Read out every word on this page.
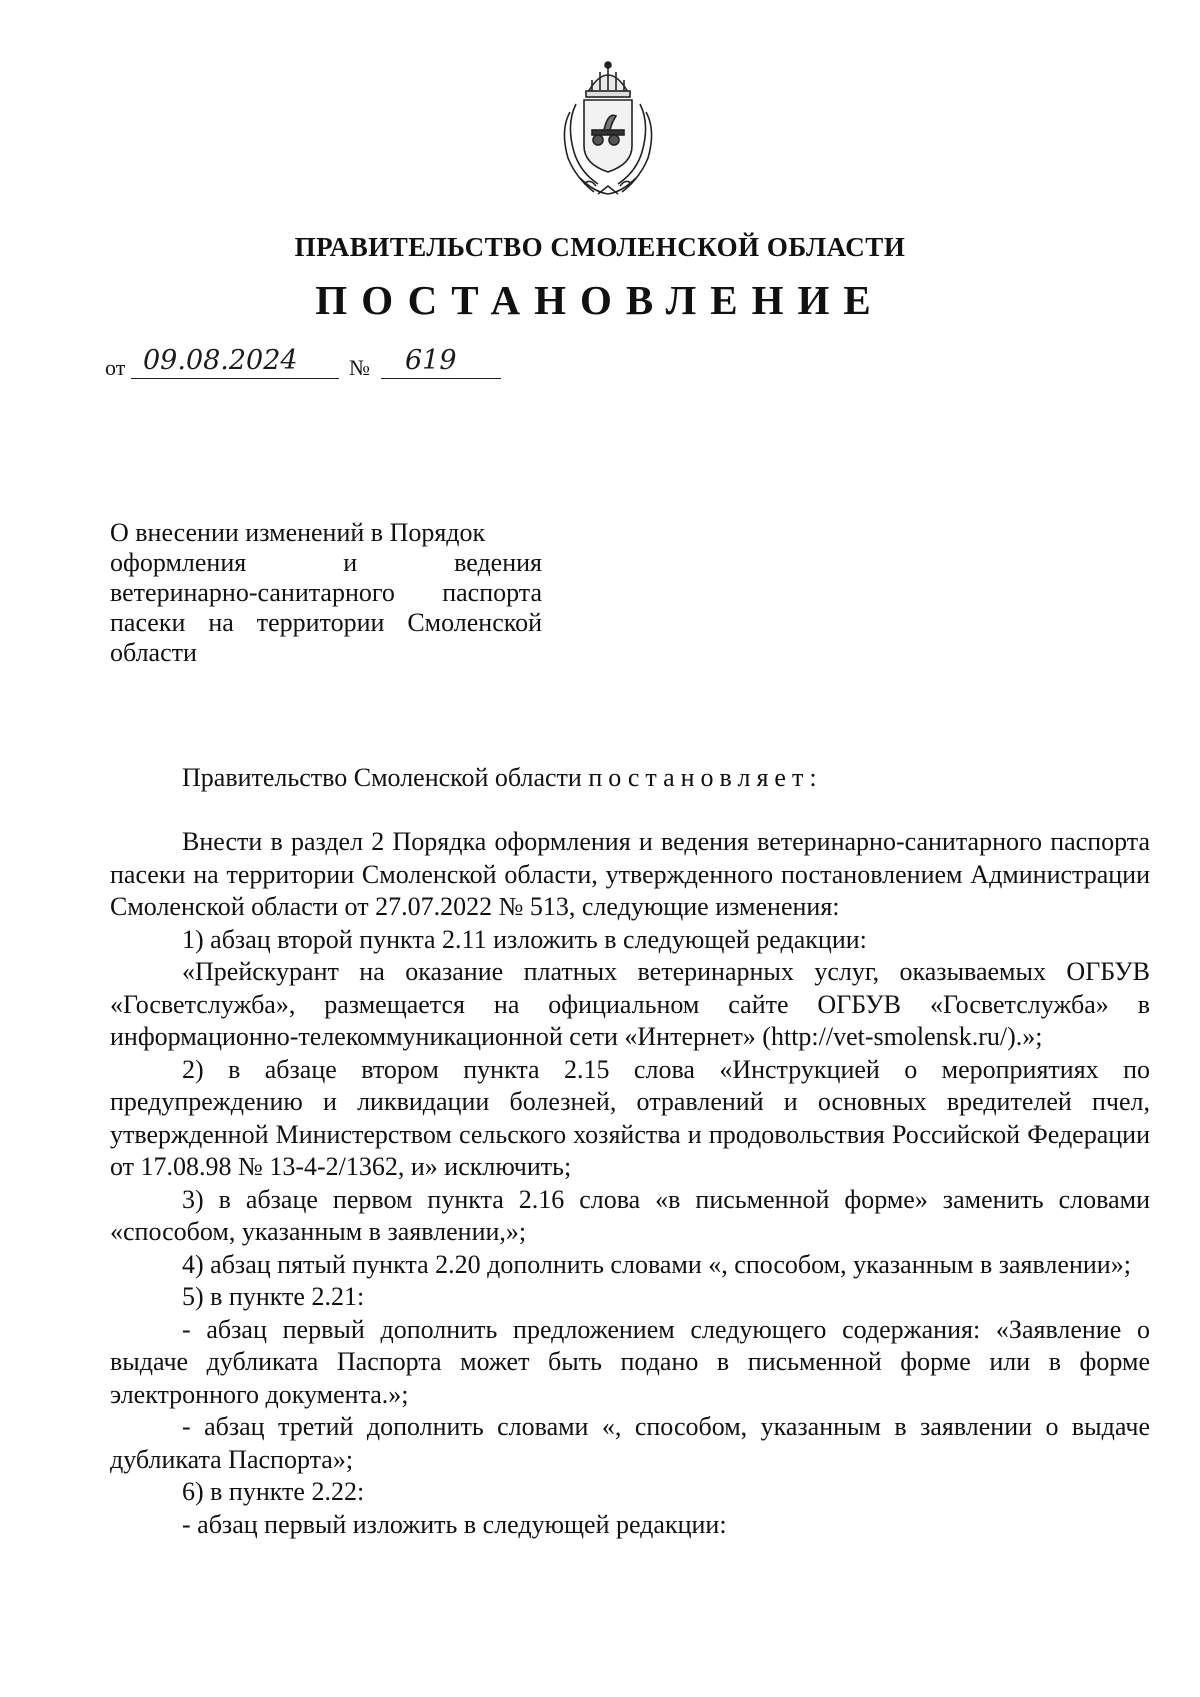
ПРАВИТЕЛЬСТВО СМОЛЕНСКОЙ ОБЛАСТИ
ПОСТАНОВЛЕНИЕ
от 09.08.2024 № 619
О внесении изменений в Порядок
оформления и ведения
ветеринарно-санитарного паспорта
пасеки на территории Смоленской
области
Правительство Смоленской области постановляет:

Внести в раздел 2 Порядка оформления и ведения ветеринарно-санитарного паспорта пасеки на территории Смоленской области, утвержденного постановлением Администрации Смоленской области от 27.07.2022 № 513, следующие изменения:

1) абзац второй пункта 2.11 изложить в следующей редакции:

«Прейскурант на оказание платных ветеринарных услуг, оказываемых ОГБУВ «Госветслужба», размещается на официальном сайте ОГБУВ «Госветслужба» в информационно-телекоммуникационной сети «Интернет» (http://vet-smolensk.ru/).»;

2) в абзаце втором пункта 2.15 слова «Инструкцией о мероприятиях по предупреждению и ликвидации болезней, отравлений и основных вредителей пчел, утвержденной Министерством сельского хозяйства и продовольствия Российской Федерации от 17.08.98 № 13-4-2/1362, и» исключить;

3) в абзаце первом пункта 2.16 слова «в письменной форме» заменить словами «способом, указанным в заявлении,»;

4) абзац пятый пункта 2.20 дополнить словами «, способом, указанным в заявлении»;

5) в пункте 2.21:

- абзац первый дополнить предложением следующего содержания: «Заявление о выдаче дубликата Паспорта может быть подано в письменной форме или в форме электронного документа.»;

- абзац третий дополнить словами «, способом, указанным в заявлении о выдаче дубликата Паспорта»;

6) в пункте 2.22:

- абзац первый изложить в следующей редакции:
